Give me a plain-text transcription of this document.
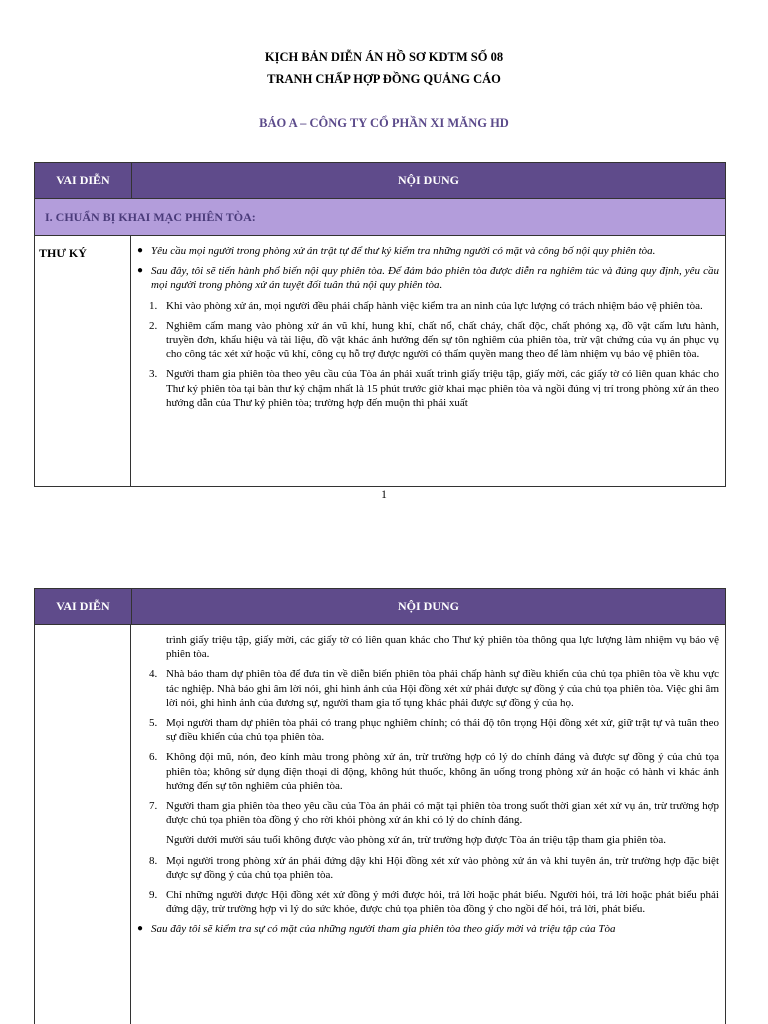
KỊCH BẢN DIỄN ÁN HỒ SƠ KDTM SỐ 08
TRANH CHẤP HỢP ĐỒNG QUẢNG CÁO
BÁO A – CÔNG TY CỔ PHẦN XI MĂNG HD
VAI DIỄN	NỘI DUNG
I. CHUẨN BỊ KHAI MẠC PHIÊN TÒA:
THƯ KÝ	● Yêu cầu mọi người trong phòng xử án trật tự để thư ký kiểm tra những người có mặt và công bố nội quy phiên tòa.
● Sau đây, tôi sẽ tiến hành phổ biến nội quy phiên tòa. Để đảm bảo phiên tòa được diễn ra nghiêm túc và đúng quy định, yêu cầu mọi người trong phòng xử án tuyệt đối tuân thủ nội quy phiên tòa.
1. Khi vào phòng xử án, mọi người đều phải chấp hành việc kiểm tra an ninh của lực lượng có trách nhiệm bảo vệ phiên tòa.
2. Nghiêm cấm mang vào phòng xử án vũ khí, hung khí, chất nổ, chất cháy, chất độc, chất phóng xạ, đồ vật cấm lưu hành, truyền đơn, khẩu hiệu và tài liệu, đồ vật khác ảnh hưởng đến sự tôn nghiêm của phiên tòa, trừ vật chứng của vụ án phục vụ cho công tác xét xử hoặc vũ khí, công cụ hỗ trợ được người có thẩm quyền mang theo để làm nhiệm vụ bảo vệ phiên tòa.
3. Người tham gia phiên tòa theo yêu cầu của Tòa án phải xuất trình giấy triệu tập, giấy mời, các giấy tờ có liên quan khác cho Thư ký phiên tòa tại bàn thư ký chậm nhất là 15 phút trước giờ khai mạc phiên tòa và ngồi đúng vị trí trong phòng xử án theo hướng dẫn của Thư ký phiên tòa; trường hợp đến muộn thì phải xuất
1
VAI DIỄN	NỘI DUNG
trình giấy triệu tập, giấy mời, các giấy tờ có liên quan khác cho Thư ký phiên tòa thông qua lực lượng làm nhiệm vụ bảo vệ phiên tòa.
4. Nhà báo tham dự phiên tòa để đưa tin về diễn biến phiên tòa phải chấp hành sự điều khiển của chủ tọa phiên tòa về khu vực tác nghiệp. Nhà báo ghi âm lời nói, ghi hình ảnh của Hội đồng xét xử phải được sự đồng ý của chủ tọa phiên tòa. Việc ghi âm lời nói, ghi hình ảnh của đương sự, người tham gia tố tụng khác phải được sự đồng ý của họ.
5. Mọi người tham dự phiên tòa phải có trang phục nghiêm chỉnh; có thái độ tôn trọng Hội đồng xét xử, giữ trật tự và tuân theo sự điều khiển của chủ tọa phiên tòa.
6. Không đội mũ, nón, đeo kính màu trong phòng xử án, trừ trường hợp có lý do chính đáng và được sự đồng ý của chủ tọa phiên tòa; không sử dụng điện thoại di động, không hút thuốc, không ăn uống trong phòng xử án hoặc có hành vi khác ảnh hưởng đến sự tôn nghiêm của phiên tòa.
7. Người tham gia phiên tòa theo yêu cầu của Tòa án phải có mặt tại phiên tòa trong suốt thời gian xét xử vụ án, trừ trường hợp được chủ tọa phiên tòa đồng ý cho rời khỏi phòng xử án khi có lý do chính đáng.
Người dưới mười sáu tuổi không được vào phòng xử án, trừ trường hợp được Tòa án triệu tập tham gia phiên tòa.
8. Mọi người trong phòng xử án phải đứng dậy khi Hội đồng xét xử vào phòng xử án và khi tuyên án, trừ trường hợp đặc biệt được sự đồng ý của chủ tọa phiên tòa.
9. Chỉ những người được Hội đồng xét xử đồng ý mới được hỏi, trả lời hoặc phát biểu. Người hỏi, trả lời hoặc phát biểu phải đứng dậy, trừ trường hợp vì lý do sức khỏe, được chủ tọa phiên tòa đồng ý cho ngồi để hỏi, trả lời, phát biểu.
● Sau đây tôi sẽ kiểm tra sự có mặt của những người tham gia phiên tòa theo giấy mời và triệu tập của Tòa
